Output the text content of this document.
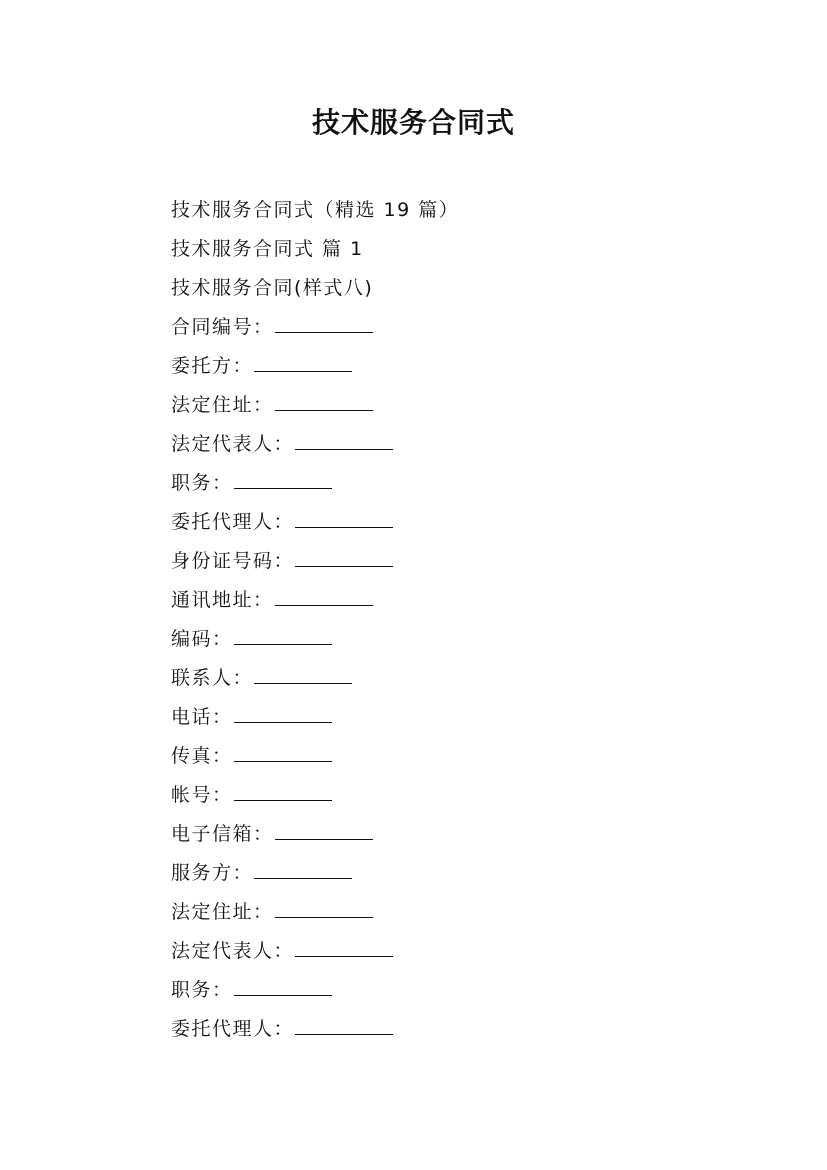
技术服务合同式
技术服务合同式（精选 19 篇）
技术服务合同式 篇 1
技术服务合同(样式八)
合同编号：
委托方：
法定住址：
法定代表人：
职务：
委托代理人：
身份证号码：
通讯地址：
编码：
联系人：
电话：
传真：
帐号：
电子信箱：
服务方：
法定住址：
法定代表人：
职务：
委托代理人：
